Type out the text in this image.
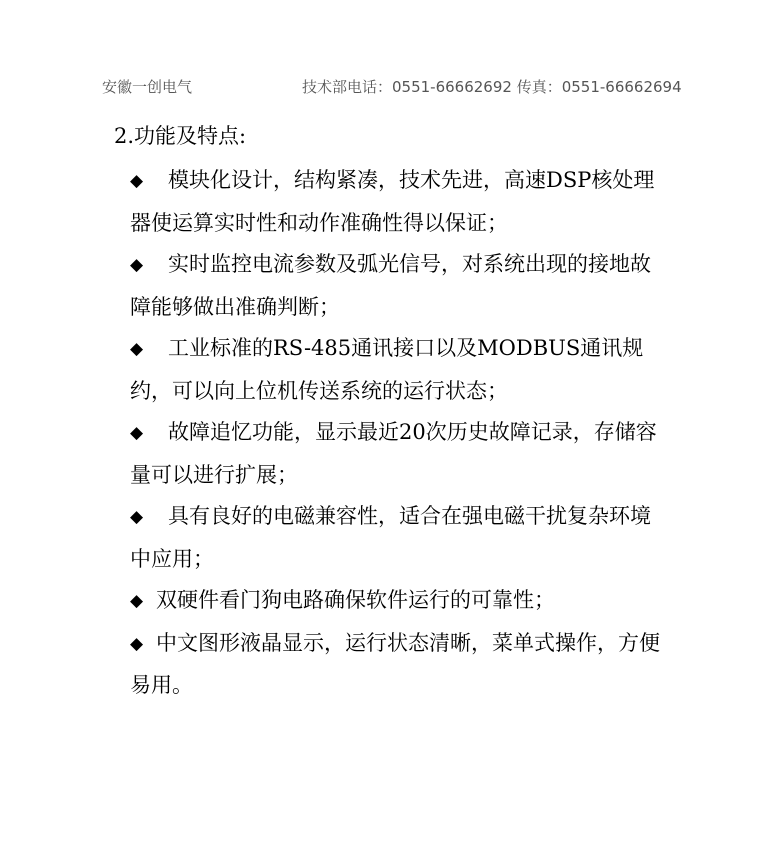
安徽一创电气	技术部电话：0551-66662692 传真：0551-66662694
2.功能及特点:
◆ 模块化设计，结构紧凑，技术先进，高速DSP核处理器使运算实时性和动作准确性得以保证；
◆ 实时监控电流参数及弧光信号，对系统出现的接地故障能够做出准确判断；
◆ 工业标准的RS-485通讯接口以及MODBUS通讯规约，可以向上位机传送系统的运行状态；
◆ 故障追忆功能，显示最近20次历史故障记录，存储容量可以进行扩展；
◆ 具有良好的电磁兼容性，适合在强电磁干扰复杂环境中应用；
◆ 双硬件看门狗电路确保软件运行的可靠性；
◆ 中文图形液晶显示，运行状态清晰，菜单式操作，方便易用。
